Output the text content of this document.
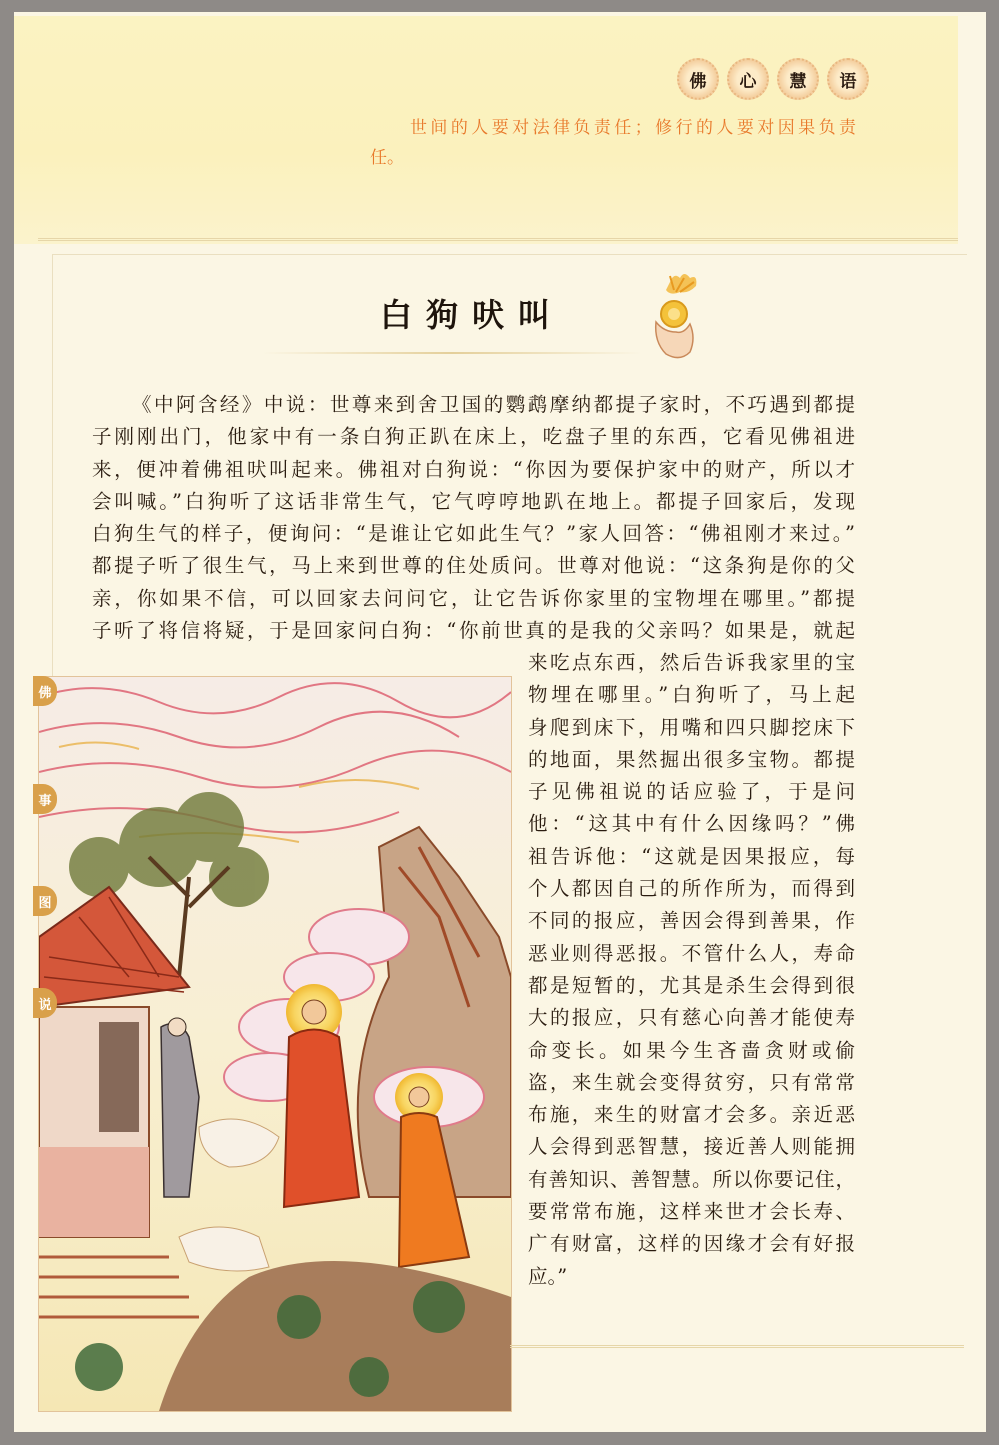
佛	心	慧	语
世间的人要对法律负责任；修行的人要对因果负责
任。
白狗吠叫
《中阿含经》中说：世尊来到舍卫国的鹦鹉摩纳都提子家时，不巧遇到都提
子刚刚出门，他家中有一条白狗正趴在床上，吃盘子里的东西，它看见佛祖进
来，便冲着佛祖吠叫起来。佛祖对白狗说：“你因为要保护家中的财产，所以才
会叫喊。”白狗听了这话非常生气，它气哼哼地趴在地上。都提子回家后，发现
白狗生气的样子，便询问：“是谁让它如此生气？”家人回答：“佛祖刚才来过。”
都提子听了很生气，马上来到世尊的住处质问。世尊对他说：“这条狗是你的父
亲，你如果不信，可以回家去问问它，让它告诉你家里的宝物埋在哪里。”都提
子听了将信将疑，于是回家问白狗：“你前世真的是我的父亲吗？如果是，就起
来吃点东西，然后告诉我家里的宝
物埋在哪里。”白狗听了，马上起
身爬到床下，用嘴和四只脚挖床下
的地面，果然掘出很多宝物。都提
子见佛祖说的话应验了，于是问
他：“这其中有什么因缘吗？”佛
祖告诉他：“这就是因果报应，每
个人都因自己的所作所为，而得到
不同的报应，善因会得到善果，作
恶业则得恶报。不管什么人，寿命
都是短暂的，尤其是杀生会得到很
大的报应，只有慈心向善才能使寿
命变长。如果今生吝啬贪财或偷
盗，来生就会变得贫穷，只有常常
布施，来生的财富才会多。亲近恶
人会得到恶智慧，接近善人则能拥
有善知识、善智慧。所以你要记住，
要常常布施，这样来世才会长寿、
广有财富，这样的因缘才会有好报
应。”
佛
事
图
说
